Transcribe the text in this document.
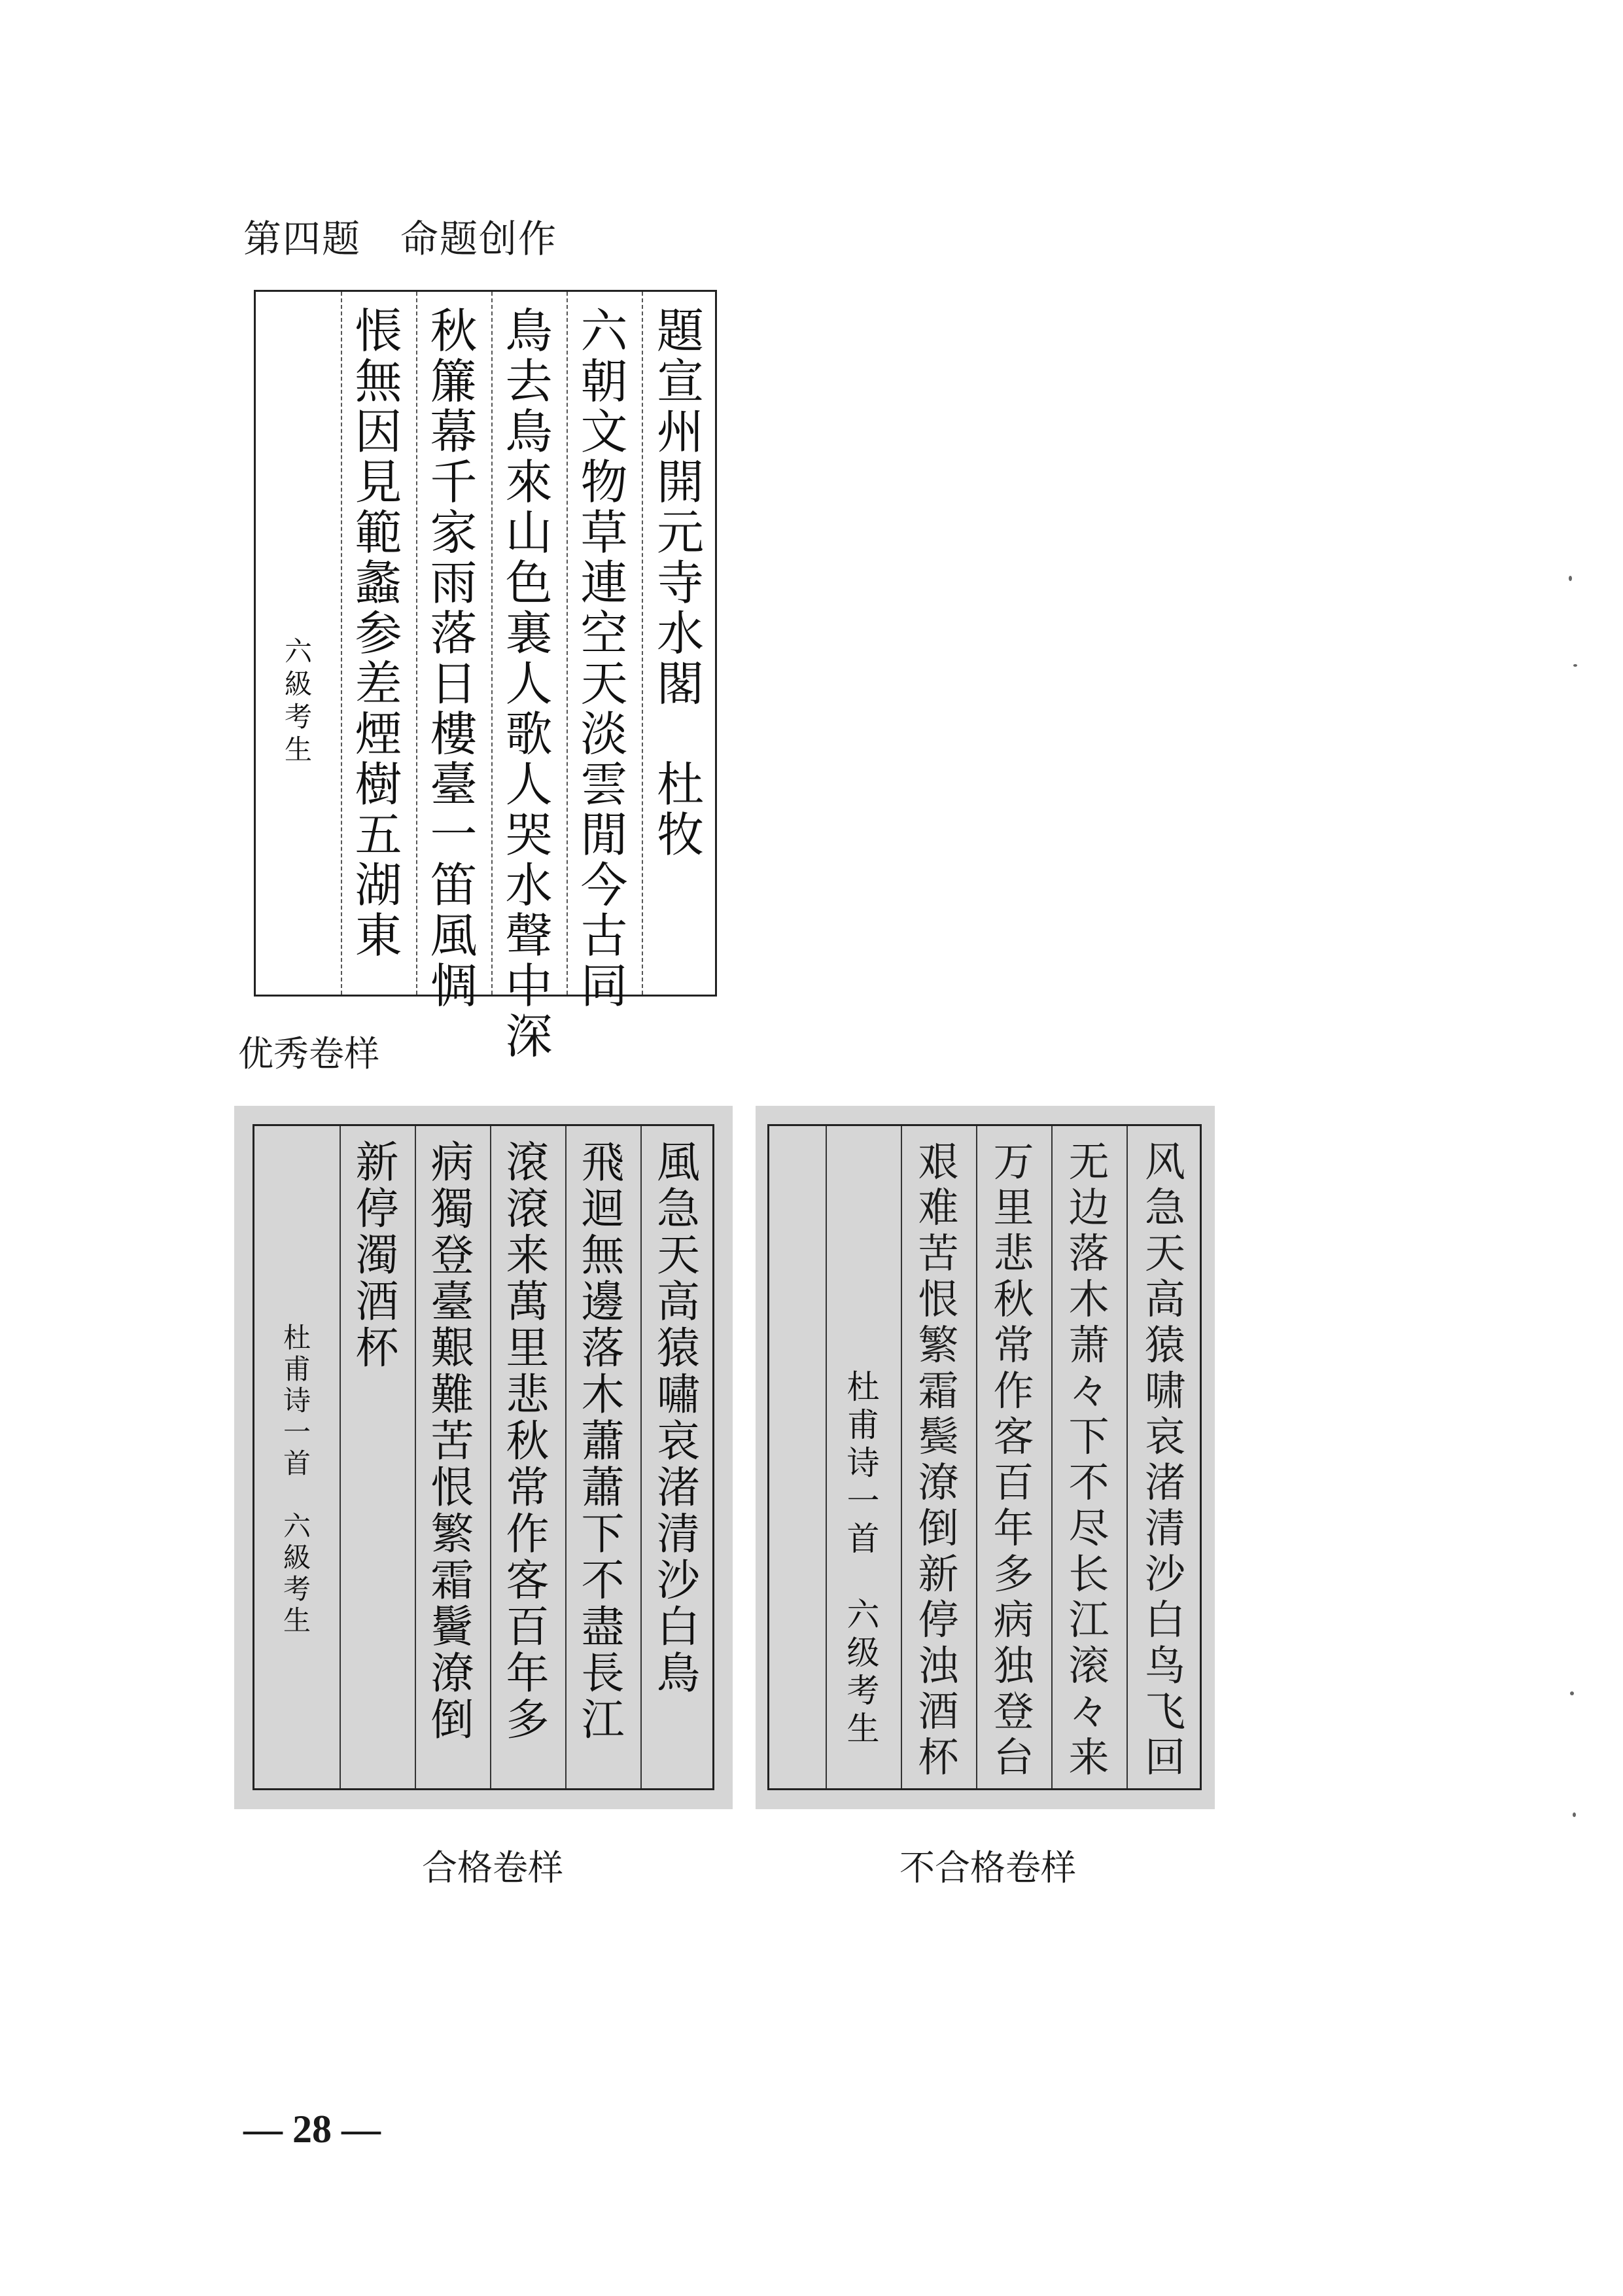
第四题　命题创作
題
宣
州
開
元
寺
水
閣

杜
牧
六
朝
文
物
草
連
空
天
淡
雲
閒
今
古
同
鳥
去
鳥
來
山
色
裏
人
歌
人
哭
水
聲
中
深
秋
簾
幕
千
家
雨
落
日
樓
臺
一
笛
風
惆
悵
無
因
見
範
蠡
参
差
煙
樹
五
湖
東
六
級
考
生
优秀卷样
風
急
天
高
猿
嘯
哀
渚
清
沙
白
鳥
飛
迴
無
邊
落
木
蕭
蕭
下
不
盡
長
江
滾
滾
来
萬
里
悲
秋
常
作
客
百
年
多
病
獨
登
臺
艱
難
苦
恨
繁
霜
鬢
潦
倒
新
停
濁
酒
杯
杜
甫
诗
一
首

六
級
考
生
合格卷样
风
急
天
高
猿
啸
哀
渚
清
沙
白
鸟
飞
回
无
边
落
木
萧
々
下
不
尽
长
江
滚
々
来
万
里
悲
秋
常
作
客
百
年
多
病
独
登
台
艰
难
苦
恨
繁
霜
鬓
潦
倒
新
停
浊
酒
杯
杜
甫
诗
一
首

六
级
考
生
不合格卷样
— 28 —
